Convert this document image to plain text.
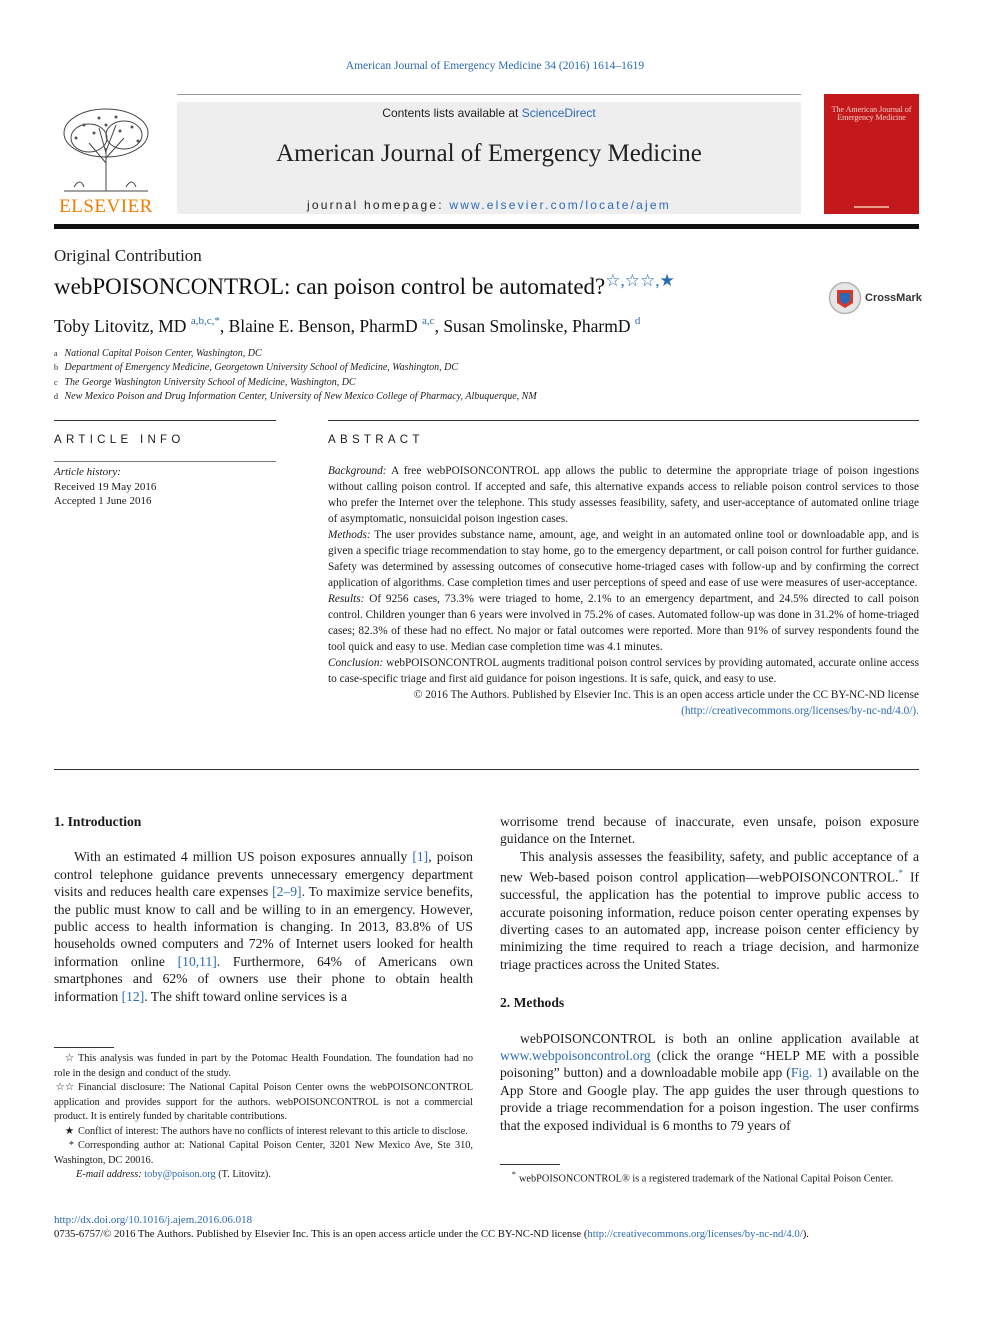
American Journal of Emergency Medicine 34 (2016) 1614–1619
ELSEVIER
Contents lists available at ScienceDirect
American Journal of Emergency Medicine
journal homepage: www.elsevier.com/locate/ajem
The American Journal of Emergency Medicine
Original Contribution
webPOISONCONTROL: can poison control be automated?☆,☆☆,★
CrossMark
Toby Litovitz, MD $^{a,b,c,*}$, Blaine E. Benson, PharmD $^{a,c}$, Susan Smolinske, PharmD $^d$
a National Capital Poison Center, Washington, DC
b Department of Emergency Medicine, Georgetown University School of Medicine, Washington, DC
c The George Washington University School of Medicine, Washington, DC
d New Mexico Poison and Drug Information Center, University of New Mexico College of Pharmacy, Albuquerque, NM
ARTICLE INFO	ABSTRACT
Article history:
Received 19 May 2016
Accepted 1 June 2016

Background: A free webPOISONCONTROL app allows the public to determine the appropriate triage of poison ingestions without calling poison control. If accepted and safe, this alternative expands access to reliable poison control services to those who prefer the Internet over the telephone. This study assesses feasibility, safety, and user-acceptance of automated online triage of asymptomatic, nonsuicidal poison ingestion cases.

Methods: The user provides substance name, amount, age, and weight in an automated online tool or downloadable app, and is given a specific triage recommendation to stay home, go to the emergency department, or call poison control for further guidance. Safety was determined by assessing outcomes of consecutive home-triaged cases with follow-up and by confirming the correct application of algorithms. Case completion times and user perceptions of speed and ease of use were measures of user-acceptance.

Results: Of 9256 cases, 73.3% were triaged to home, 2.1% to an emergency department, and 24.5% directed to call poison control. Children younger than 6 years were involved in 75.2% of cases. Automated follow-up was done in 31.2% of home-triaged cases; 82.3% of these had no effect. No major or fatal outcomes were reported. More than 91% of survey respondents found the tool quick and easy to use. Median case completion time was 4.1 minutes.

Conclusion: webPOISONCONTROL augments traditional poison control services by providing automated, accurate online access to case-specific triage and first aid guidance for poison ingestions. It is safe, quick, and easy to use.

© 2016 The Authors. Published by Elsevier Inc. This is an open access article under the CC BY-NC-ND license
(http://creativecommons.org/licenses/by-nc-nd/4.0/).

1. Introduction

With an estimated 4 million US poison exposures annually [1], poison control telephone guidance prevents unnecessary emergency department visits and reduces health care expenses [2–9]. To maximize service benefits, the public must know to call and be willing to in an emergency. However, public access to health information is changing. In 2013, 83.8% of US households owned computers and 72% of Internet users looked for health information online [10,11]. Furthermore, 64% of Americans own smartphones and 62% of owners use their phone to obtain health information [12]. The shift toward online services is a

worrisome trend because of inaccurate, even unsafe, poison exposure guidance on the Internet.

This analysis assesses the feasibility, safety, and public acceptance of a new Web-based poison control application—webPOISONCONTROL.* If successful, the application has the potential to improve public access to accurate poisoning information, reduce poison center operating expenses by diverting cases to an automated app, increase poison center efficiency by minimizing the time required to reach a triage decision, and harmonize triage practices across the United States.

2. Methods

webPOISONCONTROL is both an online application available at www.webpoisoncontrol.org (click the orange “HELP ME with a possible poisoning” button) and a downloadable mobile app (Fig. 1) available on the App Store and Google play. The app guides the user through questions to provide a triage recommendation for a poison ingestion. The user confirms that the exposed individual is 6 months to 79 years of

☆ This analysis was funded in part by the Potomac Health Foundation. The foundation had no role in the design and conduct of the study.

☆☆ Financial disclosure: The National Capital Poison Center owns the webPOISONCONTROL application and provides support for the authors. webPOISONCONTROL is not a commercial product. It is entirely funded by charitable contributions.

★ Conflict of interest: The authors have no conflicts of interest relevant to this article to disclose.

* Corresponding author at: National Capital Poison Center, 3201 New Mexico Ave, Ste 310, Washington, DC 20016.

E-mail address: toby@poison.org (T. Litovitz).	* webPOISONCONTROL® is a registered trademark of the National Capital Poison Center.
http://dx.doi.org/10.1016/j.ajem.2016.06.018
0735-6757/© 2016 The Authors. Published by Elsevier Inc. This is an open access article under the CC BY-NC-ND license (http://creativecommons.org/licenses/by-nc-nd/4.0/).
